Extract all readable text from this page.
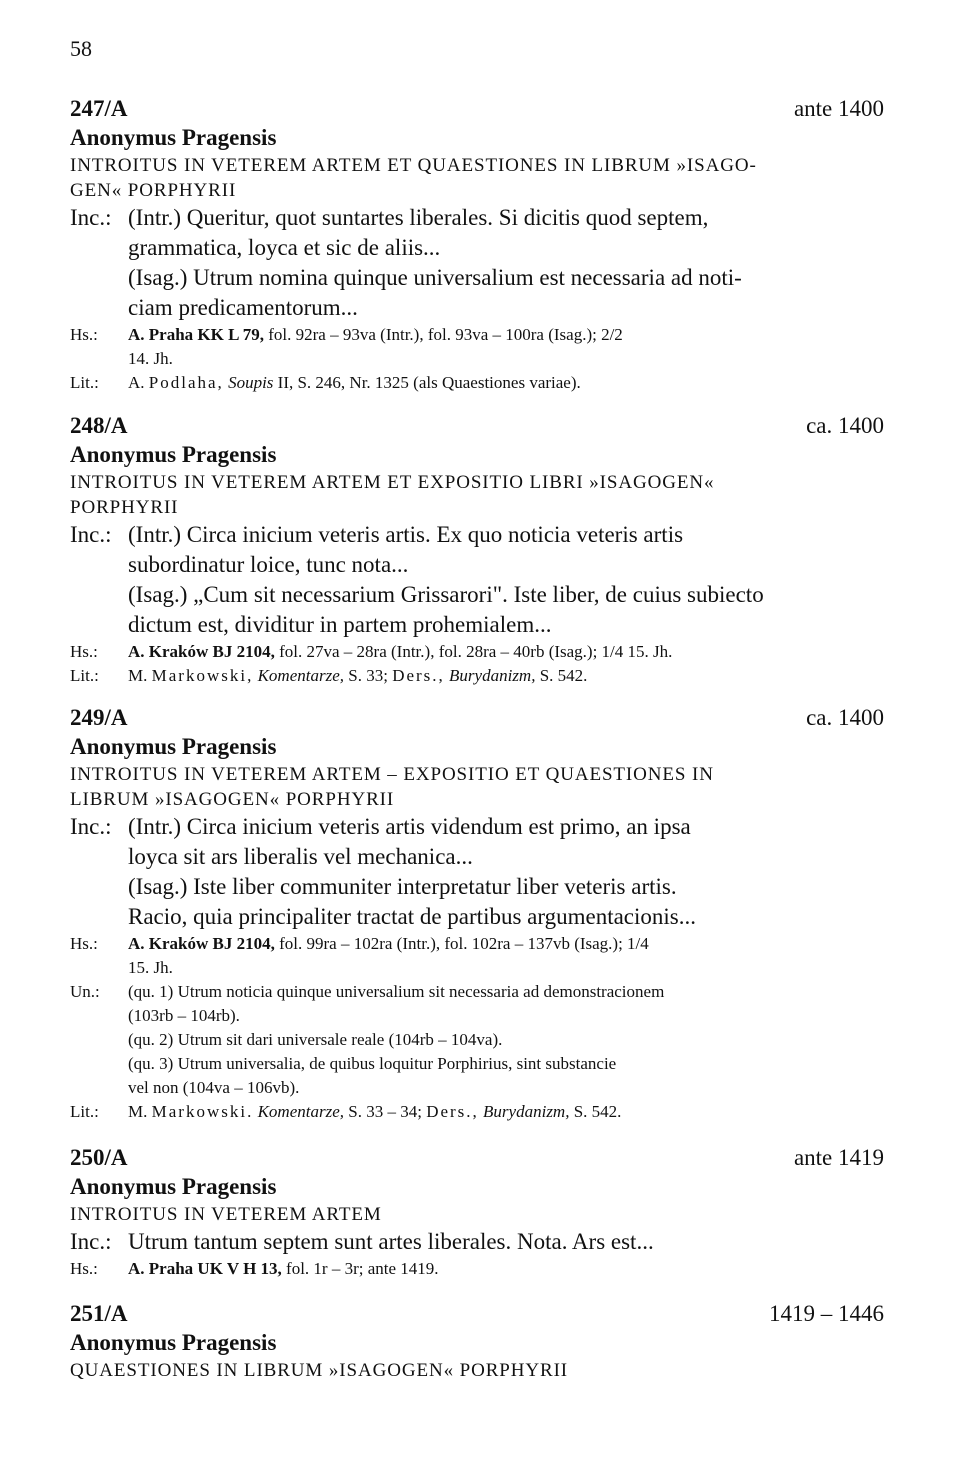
58
247/A	ante 1400
Anonymus Pragensis
INTROITUS IN VETEREM ARTEM ET QUAESTIONES IN LIBRUM »ISAGO-
GEN« PORPHYRII
Inc.: (Intr.) Queritur, quot suntartes liberales. Si dicitis quod septem,
grammatica, loyca et sic de aliis...
(Isag.) Utrum nomina quinque universalium est necessaria ad noti-
ciam predicamentorum...
Hs.:	A. Praha KK L 79, fol. 92ra – 93va (Intr.), fol. 93va – 100ra (Isag.); 2/2
14. Jh.
Lit.:	A. Podlaha, Soupis II, S. 246, Nr. 1325 (als Quaestiones variae).
248/A	ca. 1400
Anonymus Pragensis
INTROITUS IN VETEREM ARTEM ET EXPOSITIO LIBRI »ISAGOGEN«
PORPHYRII
Inc.: (Intr.) Circa inicium veteris artis. Ex quo noticia veteris artis
subordinatur loice, tunc nota...
(Isag.) „Cum sit necessarium Grissarori". Iste liber, de cuius subiecto
dictum est, dividitur in partem prohemialem...
Hs.:	A. Kraków BJ 2104, fol. 27va – 28ra (Intr.), fol. 28ra – 40rb (Isag.); 1/4 15. Jh.
Lit.:	M. Markowski, Komentarze, S. 33; Ders., Burydanizm, S. 542.
249/A	ca. 1400
Anonymus Pragensis
INTROITUS IN VETEREM ARTEM – EXPOSITIO ET QUAESTIONES IN
LIBRUM »ISAGOGEN« PORPHYRII
Inc.: (Intr.) Circa inicium veteris artis videndum est primo, an ipsa
loyca sit ars liberalis vel mechanica...
(Isag.) Iste liber communiter interpretatur liber veteris artis.
Racio, quia principaliter tractat de partibus argumentacionis...
Hs.:	A. Kraków BJ 2104, fol. 99ra – 102ra (Intr.), fol. 102ra – 137vb (Isag.); 1/4
15. Jh.
Un.:	(qu. 1) Utrum noticia quinque universalium sit necessaria ad demonstracionem
(103rb – 104rb).
(qu. 2) Utrum sit dari universale reale (104rb – 104va).
(qu. 3) Utrum universalia, de quibus loquitur Porphirius, sint substancie
vel non (104va – 106vb).
Lit.:	M. Markowski. Komentarze, S. 33 – 34; Ders., Burydanizm, S. 542.
250/A	ante 1419
Anonymus Pragensis
INTROITUS IN VETEREM ARTEM
Inc.: Utrum tantum septem sunt artes liberales. Nota. Ars est...
Hs.:	A. Praha UK V H 13, fol. 1r – 3r; ante 1419.
251/A	1419 – 1446
Anonymus Pragensis
QUAESTIONES IN LIBRUM »ISAGOGEN« PORPHYRII
